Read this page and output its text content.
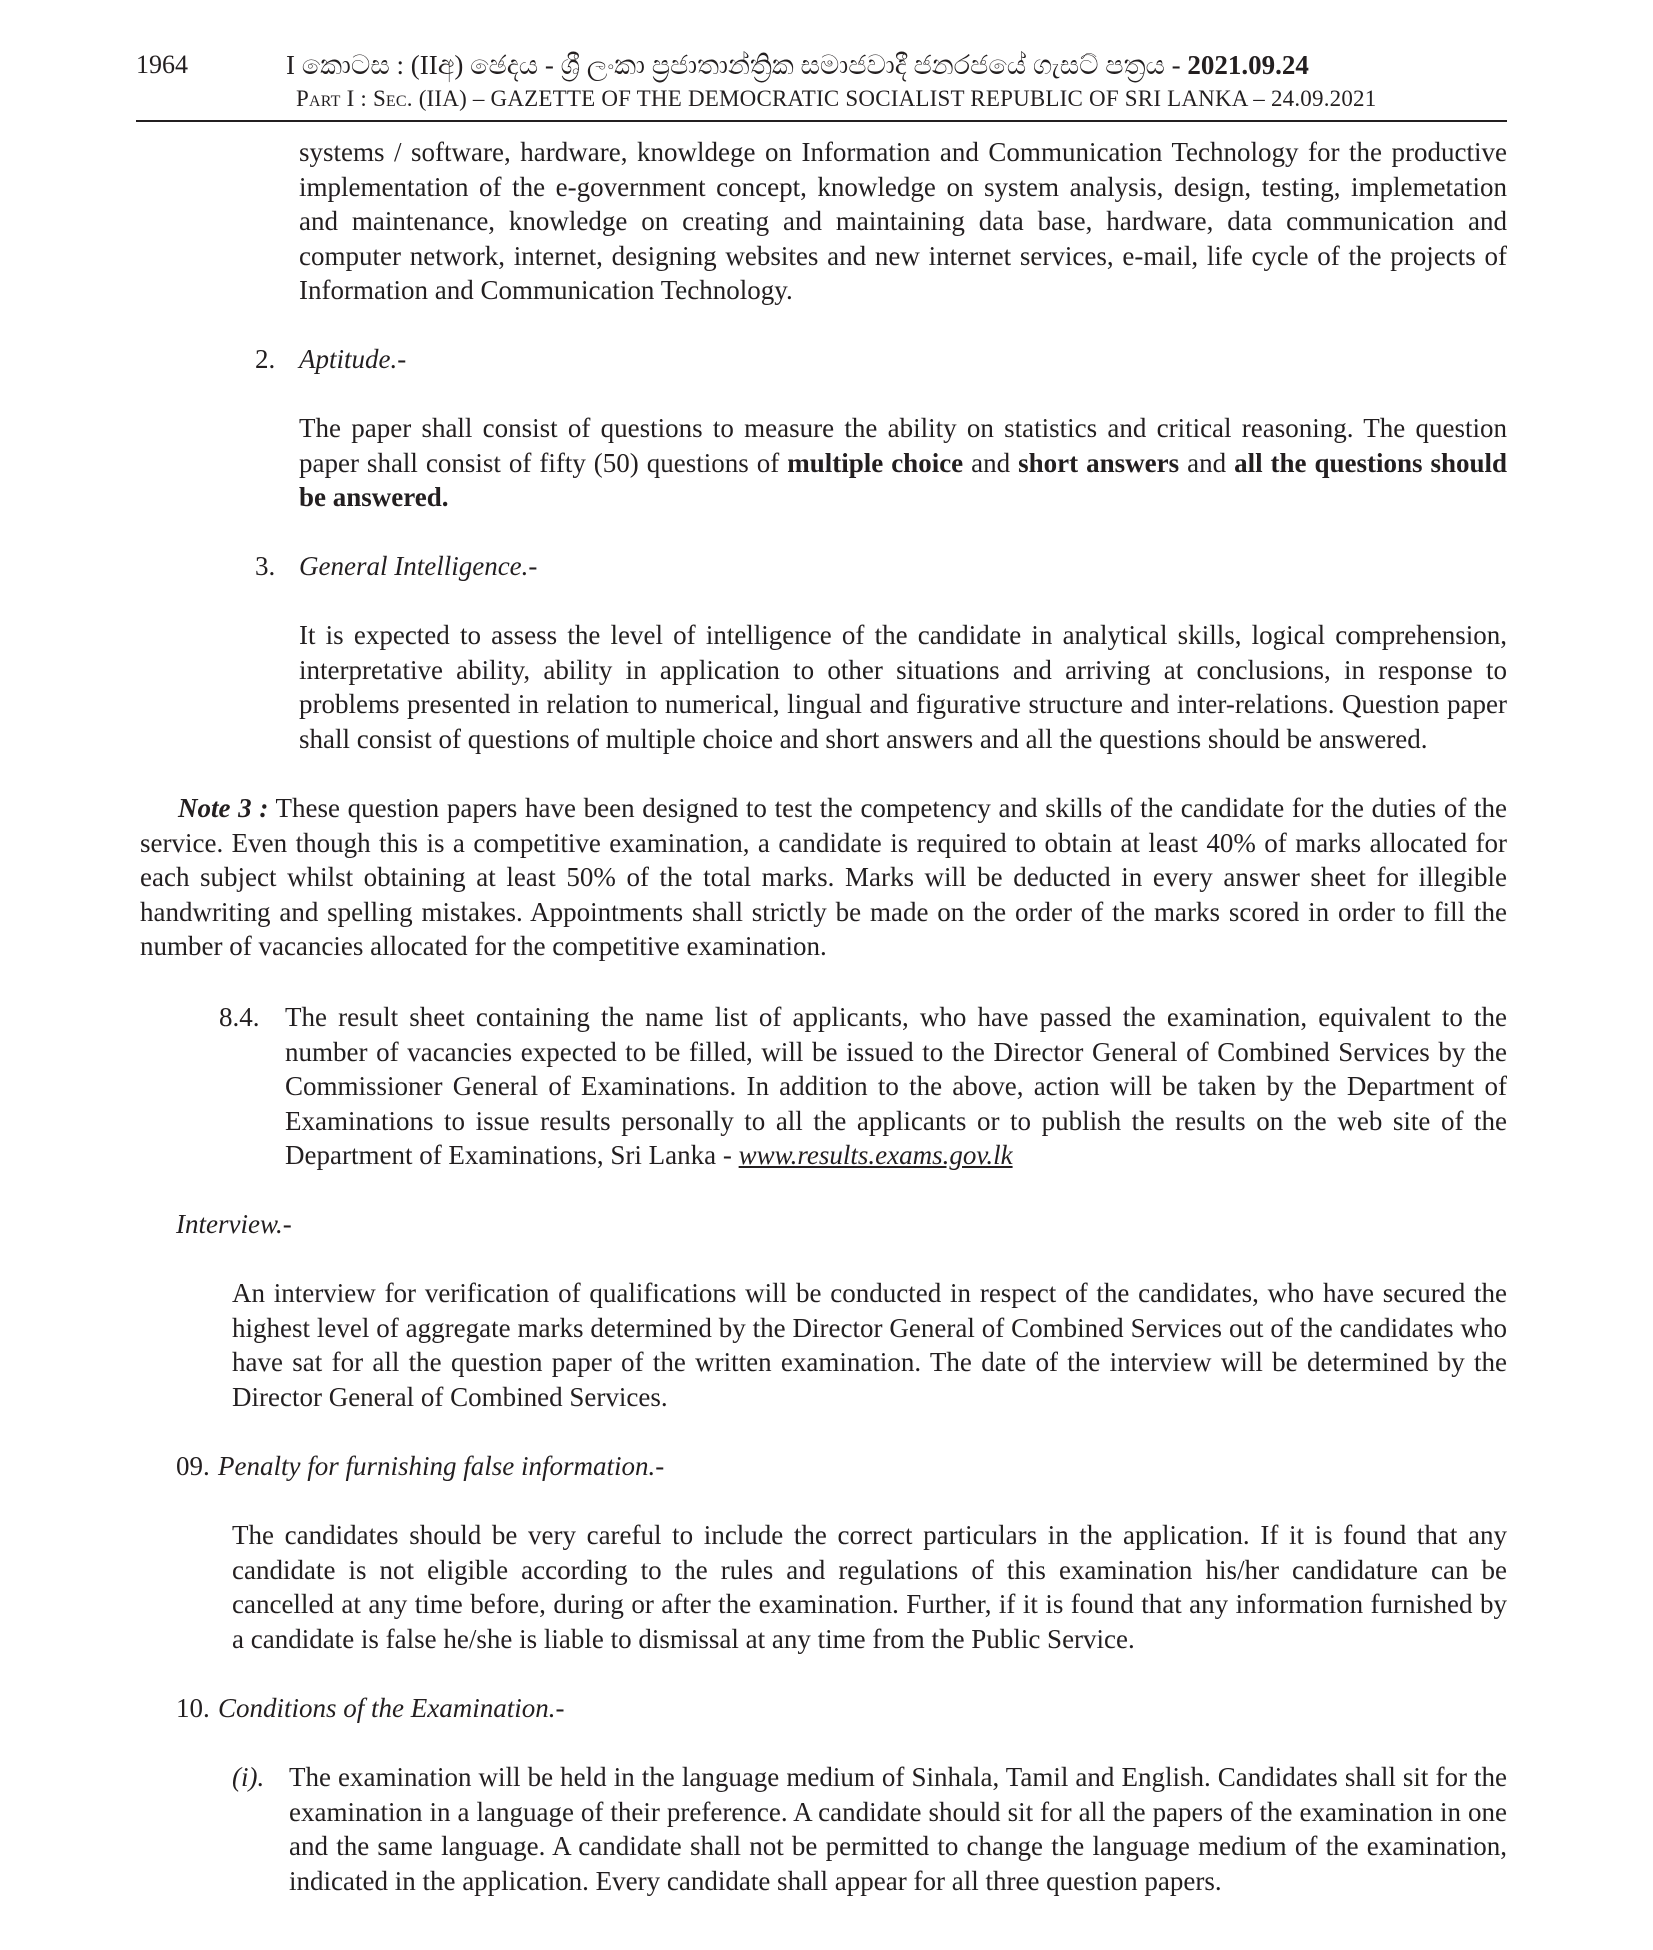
1964	I කොටස : (IIඅ) ඡෙදය - ශ්‍රී ලංකා ප්‍රජාතාන්ත්‍රික සමාජවාදී ජනරජයේ ගැසට් පත්‍රය - 2021.09.24
Part I : Sec. (IIA) – GAZETTE OF THE DEMOCRATIC SOCIALIST REPUBLIC OF SRI LANKA – 24.09.2021

systems / software, hardware, knowldege on Information and Communication Technology for the productive implementation of the e-government concept, knowledge on system analysis, design, testing, implemetation and maintenance, knowledge on creating and maintaining data base, hardware, data communication and computer network, internet, designing websites and new internet services, e-mail, life cycle of the projects of Information and Communication Technology.

2. Aptitude.-

The paper shall consist of questions to measure the ability on statistics and critical reasoning. The question paper shall consist of fifty (50) questions of multiple choice and short answers and all the questions should be answered.

3. General Intelligence.-

It is expected to assess the level of intelligence of the candidate in analytical skills, logical comprehension, interpretative ability, ability in application to other situations and arriving at conclusions, in response to problems presented in relation to numerical, lingual and figurative structure and inter-relations. Question paper shall consist of questions of multiple choice and short answers and all the questions should be answered.

Note 3 : These question papers have been designed to test the competency and skills of the candidate for the duties of the service. Even though this is a competitive examination, a candidate is required to obtain at least 40% of marks allocated for each subject whilst obtaining at least 50% of the total marks. Marks will be deducted in every answer sheet for illegible handwriting and spelling mistakes. Appointments shall strictly be made on the order of the marks scored in order to fill the number of vacancies allocated for the competitive examination.

8.4. The result sheet containing the name list of applicants, who have passed the examination, equivalent to the number of vacancies expected to be filled, will be issued to the Director General of Combined Services by the Commissioner General of Examinations. In addition to the above, action will be taken by the Department of Examinations to issue results personally to all the applicants or to publish the results on the web site of the Department of Examinations, Sri Lanka - www.results.exams.gov.lk

Interview.-

An interview for verification of qualifications will be conducted in respect of the candidates, who have secured the highest level of aggregate marks determined by the Director General of Combined Services out of the candidates who have sat for all the question paper of the written examination. The date of the interview will be determined by the Director General of Combined Services.

09. Penalty for furnishing false information.-

The candidates should be very careful to include the correct particulars in the application. If it is found that any candidate is not eligible according to the rules and regulations of this examination his/her candidature can be cancelled at any time before, during or after the examination. Further, if it is found that any information furnished by a candidate is false he/she is liable to dismissal at any time from the Public Service.

10. Conditions of the Examination.-
(i). The examination will be held in the language medium of Sinhala, Tamil and English. Candidates shall sit for the examination in a language of their preference. A candidate should sit for all the papers of the examination in one and the same language. A candidate shall not be permitted to change the language medium of the examination, indicated in the application. Every candidate shall appear for all three question papers.
